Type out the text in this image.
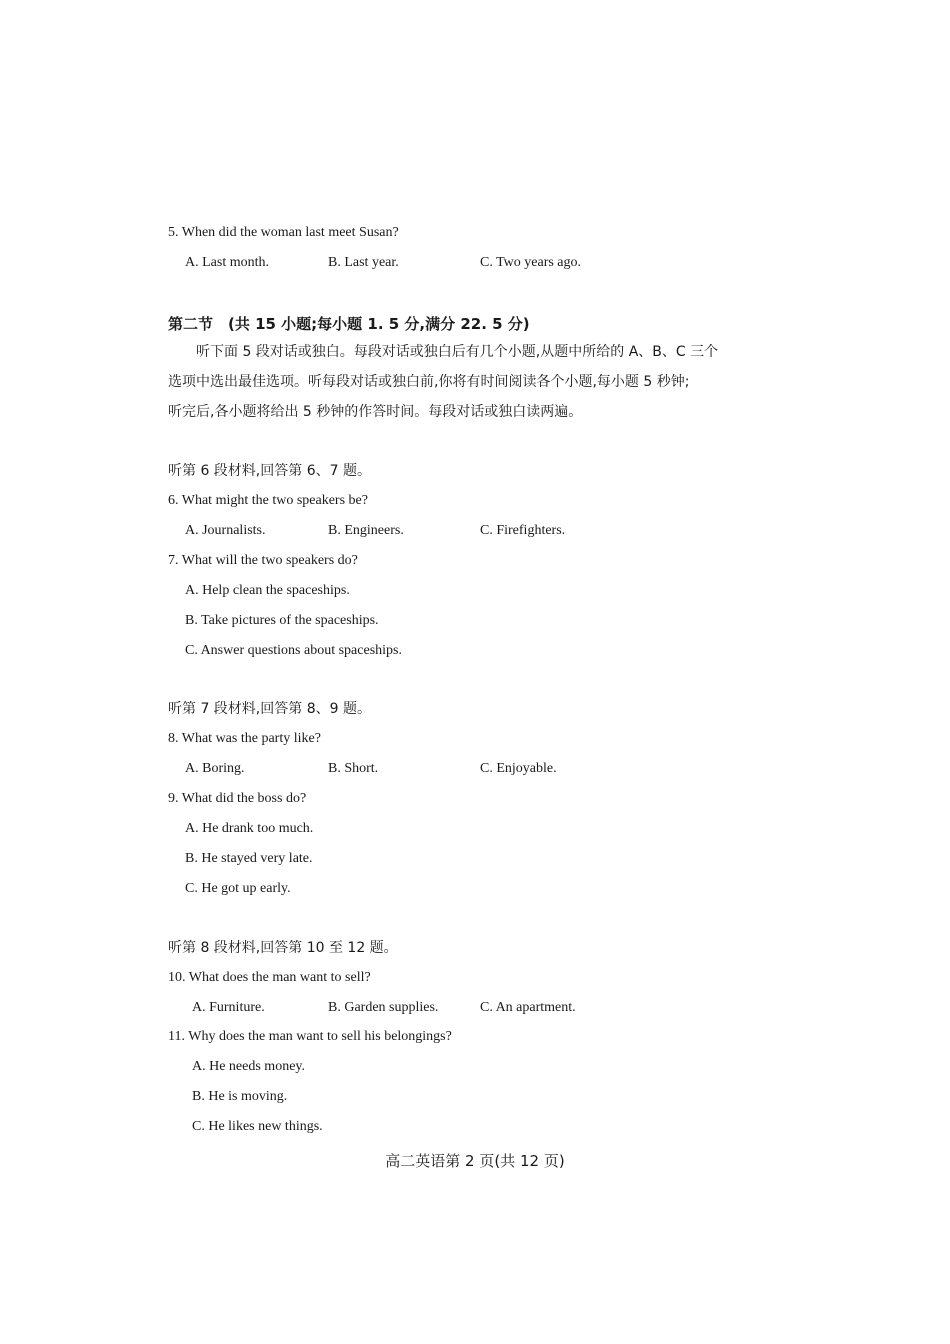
5. When did the woman last meet Susan?
A. Last month.	B. Last year.	C. Two years ago.
第二节　(共 15 小题;每小题 1. 5 分,满分 22. 5 分)
　　听下面 5 段对话或独白。每段对话或独白后有几个小题,从题中所给的 A、B、C 三个
选项中选出最佳选项。听每段对话或独白前,你将有时间阅读各个小题,每小题 5 秒钟;
听完后,各小题将给出 5 秒钟的作答时间。每段对话或独白读两遍。
听第 6 段材料,回答第 6、7 题。
6. What might the two speakers be?
A. Journalists.	B. Engineers.	C. Firefighters.
7. What will the two speakers do?
A. Help clean the spaceships.
B. Take pictures of the spaceships.
C. Answer questions about spaceships.
听第 7 段材料,回答第 8、9 题。
8. What was the party like?
A. Boring.	B. Short.	C. Enjoyable.
9. What did the boss do?
A. He drank too much.
B. He stayed very late.
C. He got up early.
听第 8 段材料,回答第 10 至 12 题。
10. What does the man want to sell?
A. Furniture.	B. Garden supplies.	C. An apartment.
11. Why does the man want to sell his belongings?
A. He needs money.
B. He is moving.
C. He likes new things.
高二英语第 2 页(共 12 页)
